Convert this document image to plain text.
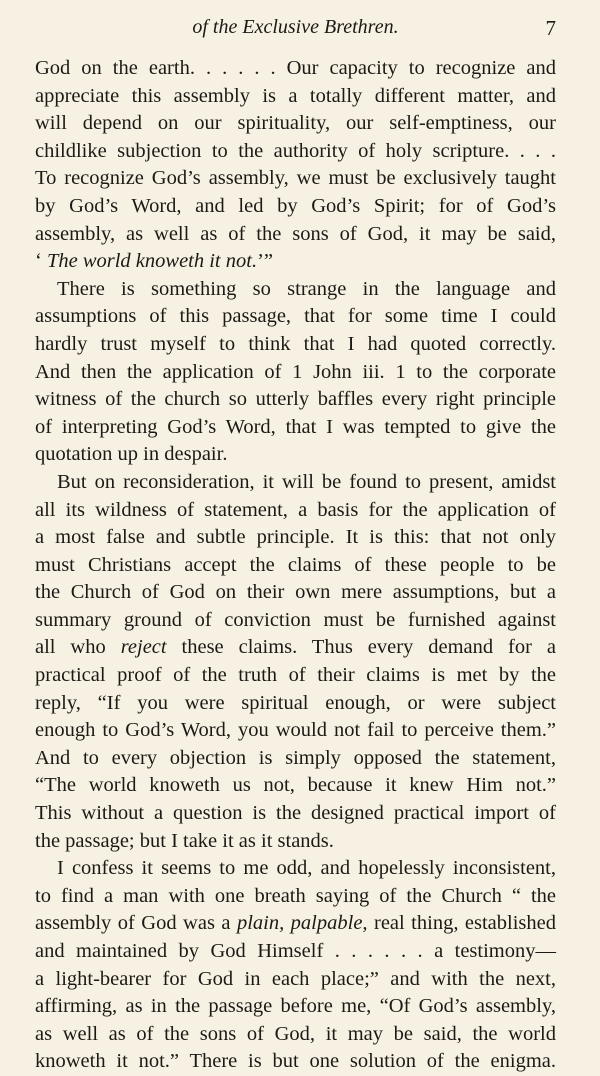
of the Exclusive Brethren.	7
God on the earth. . . . . . Our capacity to recognize and
appreciate this assembly is a totally different matter, and
will depend on our spirituality, our self-emptiness, our
childlike subjection to the authority of holy scripture. . . .
To recognize God’s assembly, we must be exclusively taught
by God’s Word, and led by God’s Spirit; for of God’s
assembly, as well as of the sons of God, it may be said,
‘ The world knoweth it not.’”
There is something so strange in the language and
assumptions of this passage, that for some time I could
hardly trust myself to think that I had quoted correctly.
And then the application of 1 John iii. 1 to the corporate
witness of the church so utterly baffles every right principle
of interpreting God’s Word, that I was tempted to give the
quotation up in despair.
But on reconsideration, it will be found to present, amidst
all its wildness of statement, a basis for the application of
a most false and subtle principle. It is this: that not only
must Christians accept the claims of these people to be
the Church of God on their own mere assumptions, but a
summary ground of conviction must be furnished against
all who reject these claims. Thus every demand for a
practical proof of the truth of their claims is met by the
reply, “If you were spiritual enough, or were subject
enough to God’s Word, you would not fail to perceive them.”
And to every objection is simply opposed the statement,
“The world knoweth us not, because it knew Him not.”
This without a question is the designed practical import of
the passage; but I take it as it stands.
I confess it seems to me odd, and hopelessly inconsistent,
to find a man with one breath saying of the Church “ the
assembly of God was a plain, palpable, real thing, established
and maintained by God Himself . . . . . . a testimony—
a light-bearer for God in each place;” and with the next,
affirming, as in the passage before me, “Of God’s assembly,
as well as of the sons of God, it may be said, the world
knoweth it not.” There is but one solution of the enigma.
